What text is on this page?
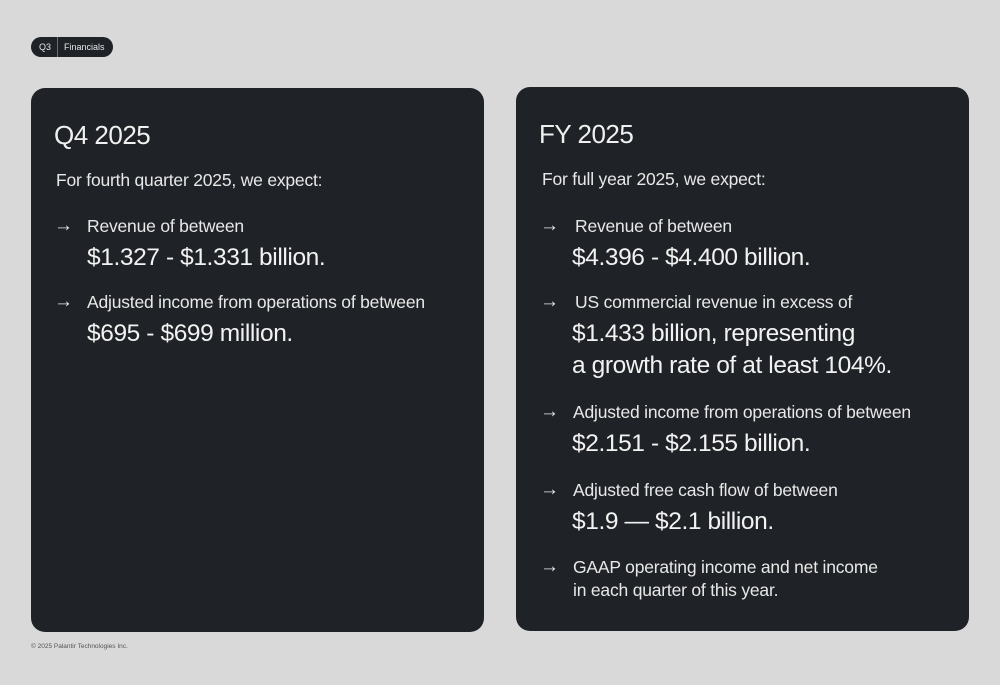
Q3 Financials
Q4 2025
For fourth quarter 2025, we expect:
→ Revenue of between
$1.327 - $1.331 billion.
→ Adjusted income from operations of between
$695 - $699 million.
FY 2025
For full year 2025, we expect:
→ Revenue of between
$4.396 - $4.400 billion.
→ US commercial revenue in excess of
$1.433 billion, representing
a growth rate of at least 104%.
→ Adjusted income from operations of between
$2.151 - $2.155 billion.
→ Adjusted free cash flow of between
$1.9 — $2.1 billion.
→ GAAP operating income and net income
in each quarter of this year.
© 2025 Palantir Technologies Inc.
